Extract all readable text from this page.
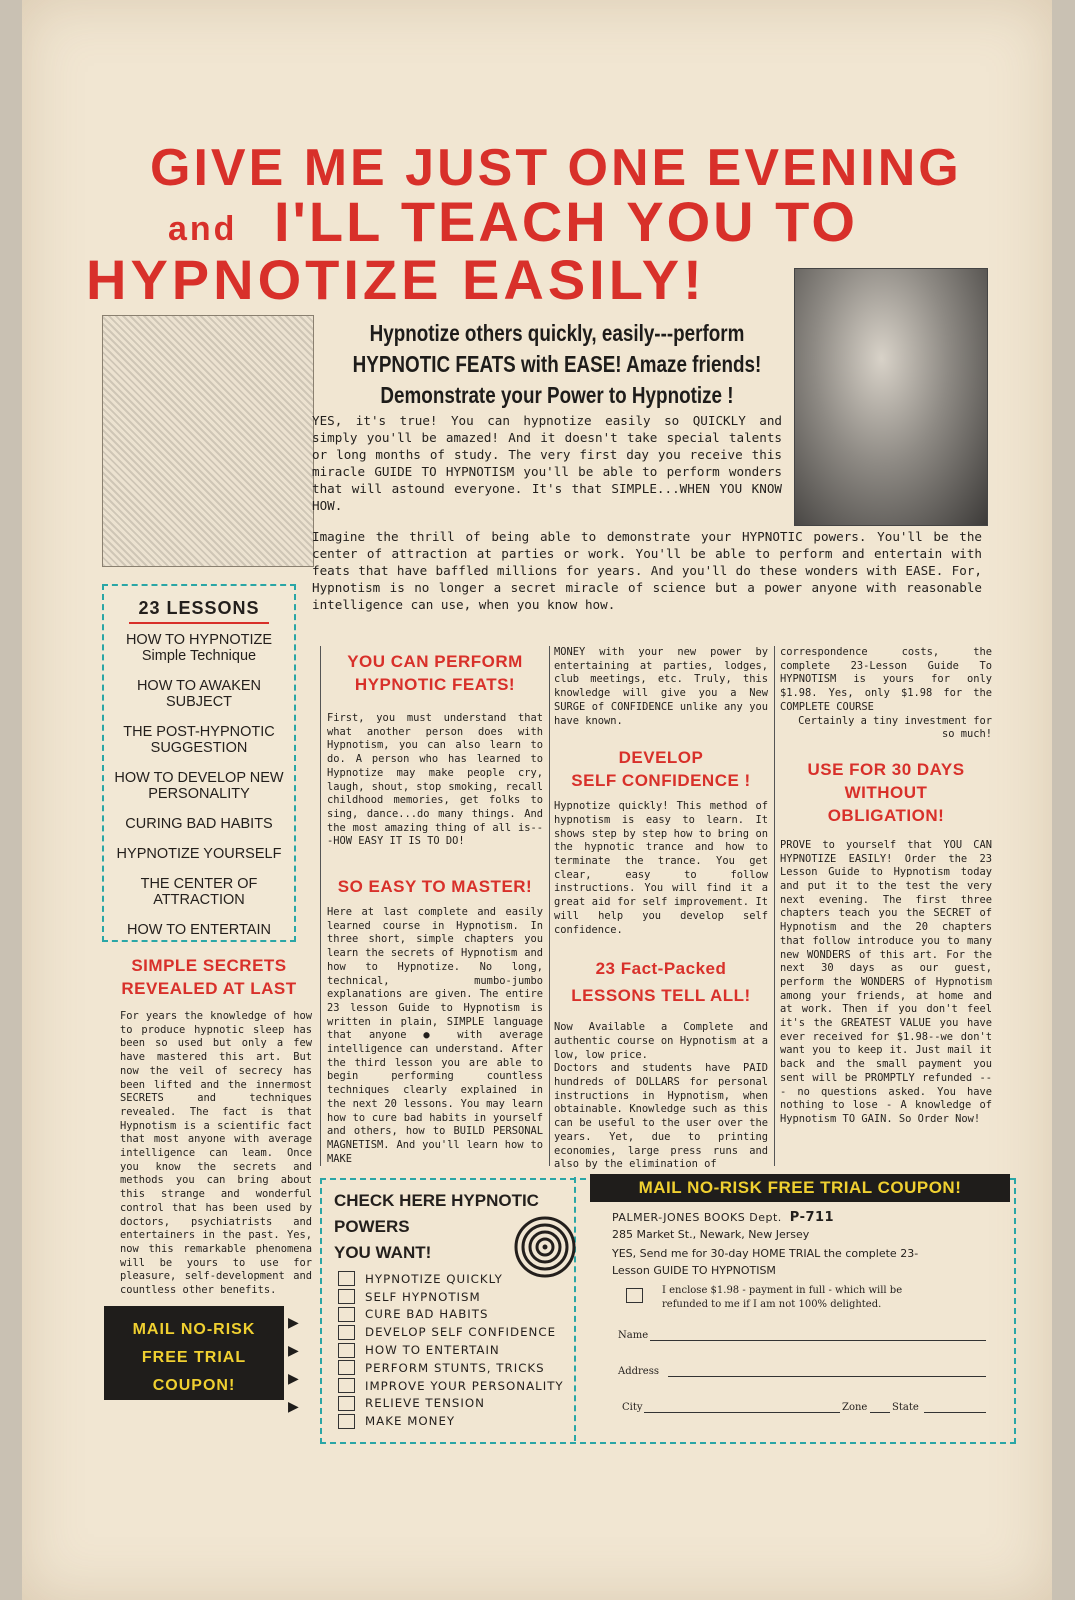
GIVE ME JUST ONE EVENING
and I'LL TEACH YOU TO
HYPNOTIZE EASILY!
Hypnotize others quickly, easily---perform
HYPNOTIC FEATS with EASE! Amaze friends!
Demonstrate your Power to Hypnotize !

YES, it's true! You can hypnotize easily so QUICKLY and simply you'll be amazed! And it doesn't take special talents or long months of study. The very first day you receive this miracle GUIDE TO HYPNOTISM you'll be able to perform wonders that will astound everyone. It's that SIMPLE...WHEN YOU KNOW HOW.

Imagine the thrill of being able to demonstrate your HYPNOTIC powers. You'll be the center of attraction at parties or work. You'll be able to perform and entertain with feats that have baffled millions for years. And you'll do these wonders with EASE. For, Hypnotism is no longer a secret miracle of science but a power anyone with reasonable intelligence can use, when you know how.

23 LESSONS
HOW TO HYPNOTIZE
Simple Technique
HOW TO AWAKEN SUBJECT
THE POST-HYPNOTIC
SUGGESTION
HOW TO DEVELOP NEW
PERSONALITY
CURING BAD HABITS
HYPNOTIZE YOURSELF
THE CENTER OF
ATTRACTION
HOW TO ENTERTAIN

SIMPLE SECRETS

REVEALED AT LAST

For years the knowledge of how to produce hypnotic sleep has been so used but only a few have mastered this art. But now the veil of secrecy has been lifted and the innermost SECRETS and techniques revealed. The fact is that Hypnotism is a scientific fact that most anyone with average intelligence can leam. Once you know the secrets and methods you can bring about this strange and wonderful control that has been used by doctors, psychiatrists and entertainers in the past. Yes, now this remarkable phenomena will be yours to use for pleasure, self-development and countless other benefits.

YOU CAN PERFORM

HYPNOTIC FEATS!

First, you must understand that what another person does with Hypnotism, you can also learn to do. A person who has learned to Hypnotize may make people cry, laugh, shout, stop smoking, recall childhood memories, get folks to sing, dance...do many things. And the most amazing thing of all is---HOW EASY IT IS TO DO!

SO EASY TO MASTER!

Here at last complete and easily learned course in Hypnotism. In three short, simple chapters you learn the secrets of Hypnotism and how to Hypnotize. No long, technical, mumbo-jumbo explanations are given. The entire 23 lesson Guide to Hypnotism is written in plain, SIMPLE language that anyone ● with average intelligence can understand. After the third lesson you are able to begin performing countless techniques clearly explained in the next 20 lessons. You may learn how to cure bad habits in yourself and others, how to BUILD PERSONAL MAGNETISM. And you'll learn how to MAKE

MONEY with your new power by entertaining at parties, lodges, club meetings, etc. Truly, this knowledge will give you a New SURGE of CONFIDENCE unlike any you have known.

DEVELOP

SELF CONFIDENCE !

Hypnotize quickly! This method of hypnotism is easy to learn. It shows step by step how to bring on the hypnotic trance and how to terminate the trance. You get clear, easy to follow instructions. You will find it a great aid for self improvement. It will help you develop self confidence.

23 Fact-Packed

LESSONS TELL ALL!

Now Available a Complete and authentic course on Hypnotism at a low, low price.

Doctors and students have PAID hundreds of DOLLARS for personal instructions in Hypnotism, when obtainable. Knowledge such as this can be useful to the user over the years. Yet, due to printing economies, large press runs and also by the elimination of

correspondence costs, the complete 23-Lesson Guide To HYPNOTISM is yours for only $1.98. Yes, only $1.98 for the COMPLETE COURSE

Certainly a tiny investment for so much!

USE FOR 30 DAYS

WITHOUT

OBLIGATION!

PROVE to yourself that YOU CAN HYPNOTIZE EASILY! Order the 23 Lesson Guide to Hypnotism today and put it to the test the very next evening. The first three chapters teach you the SECRET of Hypnotism and the 20 chapters that follow introduce you to many new WONDERS of this art. For the next 30 days as our guest, perform the WONDERS of Hypnotism among your friends, at home and at work. Then if you don't feel it's the GREATEST VALUE you have ever received for $1.98--we don't want you to keep it. Just mail it back and the small payment you sent will be PROMPTLY refunded --- no questions asked. You have nothing to lose - A knowledge of Hypnotism TO GAIN. So Order Now!

MAIL NO-RISK
FREE TRIAL
COUPON!
▶
▶
▶
▶
CHECK HERE HYPNOTIC
POWERS
YOU WANT!
HYPNOTIZE QUICKLY
SELF HYPNOTISM
CURE BAD HABITS
DEVELOP SELF CONFIDENCE
HOW TO ENTERTAIN
PERFORM STUNTS, TRICKS
IMPROVE YOUR PERSONALITY
RELIEVE TENSION
MAKE MONEY
MAIL NO-RISK FREE TRIAL COUPON!
PALMER-JONES BOOKS Dept. P-711
285 Market St., Newark, New Jersey
YES, Send me for 30-day HOME TRIAL the complete 23-
Lesson GUIDE TO HYPNOTISM
I enclose $1.98 - payment in full - which will be
refunded to me if I am not 100% delighted.
Name
Address
City	Zone State
